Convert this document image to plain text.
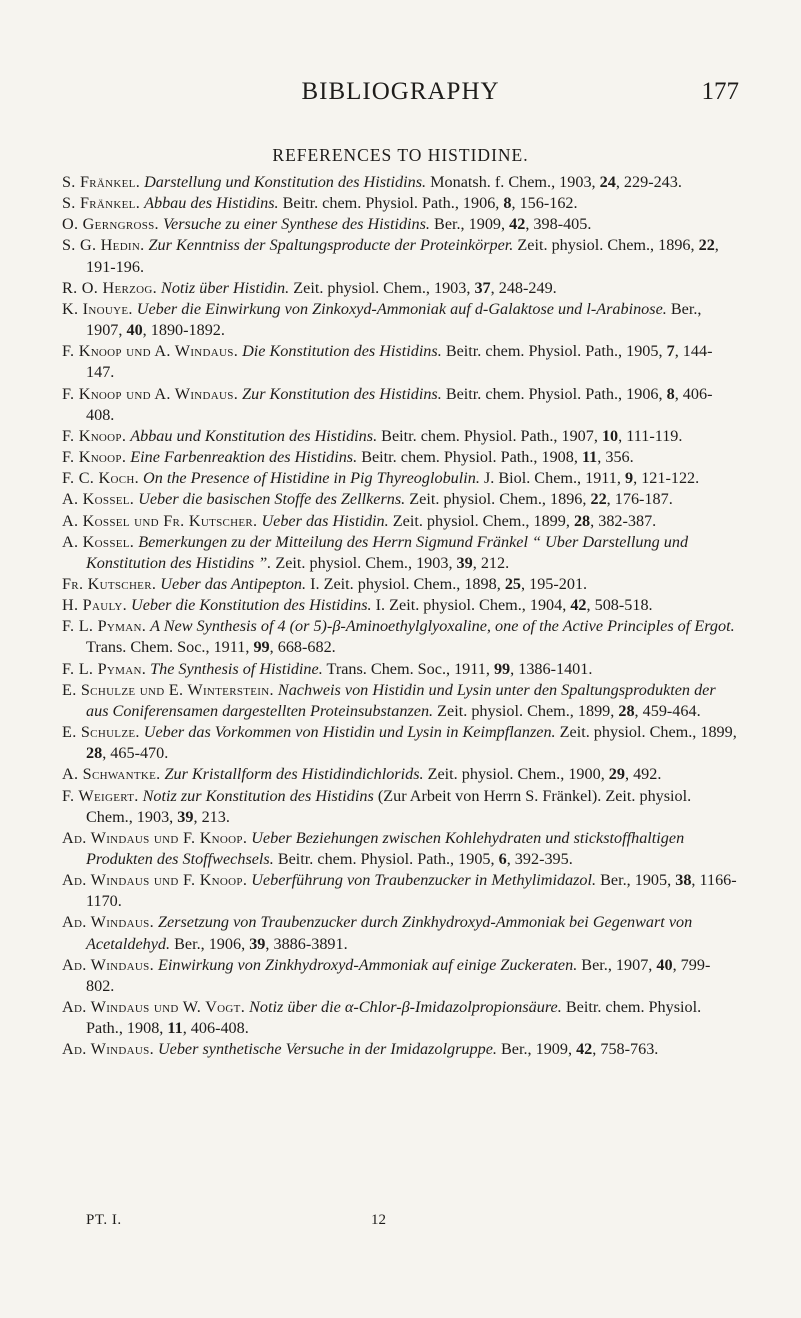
BIBLIOGRAPHY	177
REFERENCES TO HISTIDINE.
S. Fränkel. Darstellung und Konstitution des Histidins. Monatsh. f. Chem., 1903, 24, 229-243.
S. Fränkel. Abbau des Histidins. Beitr. chem. Physiol. Path., 1906, 8, 156-162.
O. Gerngross. Versuche zu einer Synthese des Histidins. Ber., 1909, 42, 398-405.
S. G. Hedin. Zur Kenntniss der Spaltungsproducte der Proteinkörper. Zeit. physiol. Chem., 1896, 22, 191-196.
R. O. Herzog. Notiz über Histidin. Zeit. physiol. Chem., 1903, 37, 248-249.
K. Inouye. Ueber die Einwirkung von Zinkoxyd-Ammoniak auf d-Galaktose und l-Arabinose. Ber., 1907, 40, 1890-1892.
F. Knoop und A. Windaus. Die Konstitution des Histidins. Beitr. chem. Physiol. Path., 1905, 7, 144-147.
F. Knoop und A. Windaus. Zur Konstitution des Histidins. Beitr. chem. Physiol. Path., 1906, 8, 406-408.
F. Knoop. Abbau und Konstitution des Histidins. Beitr. chem. Physiol. Path., 1907, 10, 111-119.
F. Knoop. Eine Farbenreaktion des Histidins. Beitr. chem. Physiol. Path., 1908, 11, 356.
F. C. Koch. On the Presence of Histidine in Pig Thyreoglobulin. J. Biol. Chem., 1911, 9, 121-122.
A. Kossel. Ueber die basischen Stoffe des Zellkerns. Zeit. physiol. Chem., 1896, 22, 176-187.
A. Kossel und Fr. Kutscher. Ueber das Histidin. Zeit. physiol. Chem., 1899, 28, 382-387.
A. Kossel. Bemerkungen zu der Mitteilung des Herrn Sigmund Fränkel “ Uber Darstellung und Konstitution des Histidins ”. Zeit. physiol. Chem., 1903, 39, 212.
Fr. Kutscher. Ueber das Antipepton. I. Zeit. physiol. Chem., 1898, 25, 195-201.
H. Pauly. Ueber die Konstitution des Histidins. I. Zeit. physiol. Chem., 1904, 42, 508-518.
F. L. Pyman. A New Synthesis of 4 (or 5)-β-Aminoethylglyoxaline, one of the Active Principles of Ergot. Trans. Chem. Soc., 1911, 99, 668-682.
F. L. Pyman. The Synthesis of Histidine. Trans. Chem. Soc., 1911, 99, 1386-1401.
E. Schulze und E. Winterstein. Nachweis von Histidin und Lysin unter den Spaltungsprodukten der aus Coniferensamen dargestellten Proteinsubstanzen. Zeit. physiol. Chem., 1899, 28, 459-464.
E. Schulze. Ueber das Vorkommen von Histidin und Lysin in Keimpflanzen. Zeit. physiol. Chem., 1899, 28, 465-470.
A. Schwantke. Zur Kristallform des Histidindichlorids. Zeit. physiol. Chem., 1900, 29, 492.
F. Weigert. Notiz zur Konstitution des Histidins (Zur Arbeit von Herrn S. Fränkel). Zeit. physiol. Chem., 1903, 39, 213.
Ad. Windaus und F. Knoop. Ueber Beziehungen zwischen Kohlehydraten und stickstoffhaltigen Produkten des Stoffwechsels. Beitr. chem. Physiol. Path., 1905, 6, 392-395.
Ad. Windaus und F. Knoop. Ueberführung von Traubenzucker in Methylimidazol. Ber., 1905, 38, 1166-1170.
Ad. Windaus. Zersetzung von Traubenzucker durch Zinkhydroxyd-Ammoniak bei Gegenwart von Acetaldehyd. Ber., 1906, 39, 3886-3891.
Ad. Windaus. Einwirkung von Zinkhydroxyd-Ammoniak auf einige Zuckeraten. Ber., 1907, 40, 799-802.
Ad. Windaus und W. Vogt. Notiz über die α-Chlor-β-Imidazolpropionsäure. Beitr. chem. Physiol. Path., 1908, 11, 406-408.
Ad. Windaus. Ueber synthetische Versuche in der Imidazolgruppe. Ber., 1909, 42, 758-763.
PT. I.	12
